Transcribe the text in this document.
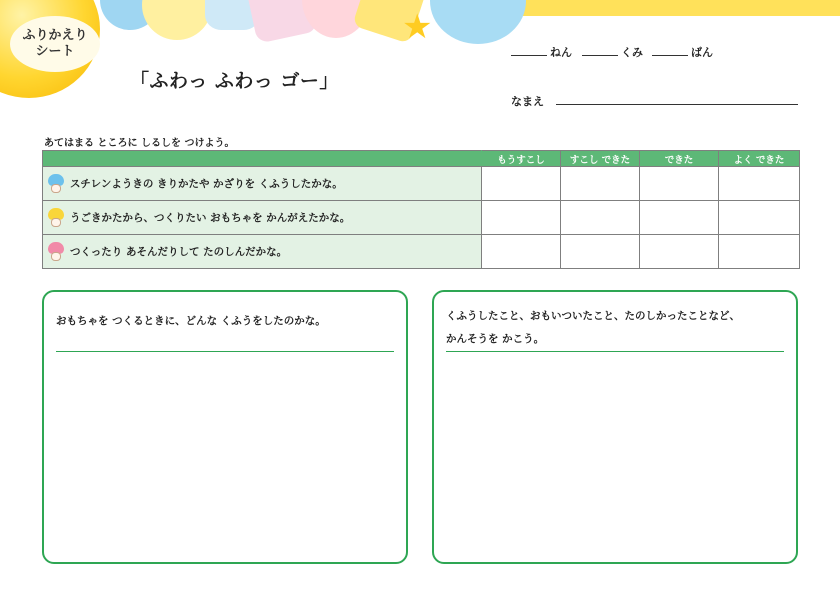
★
ふりかえり
シート
「ふわっ ふわっ ゴー」
ねん	くみ	ばん
なまえ
あてはまる ところに しるしを つけよう。
	もうすこし	すこし できた	できた	よく できた

スチレンようきの きりかたや かざりを くふうしたかな。				

うごきかたから、つくりたい おもちゃを かんがえたかな。				

つくったり あそんだりして たのしんだかな。				

おもちゃを つくるときに、どんな くふうをしたのかな。	くふうしたこと、おもいついたこと、たのしかったことなど、
かんそうを かこう。
